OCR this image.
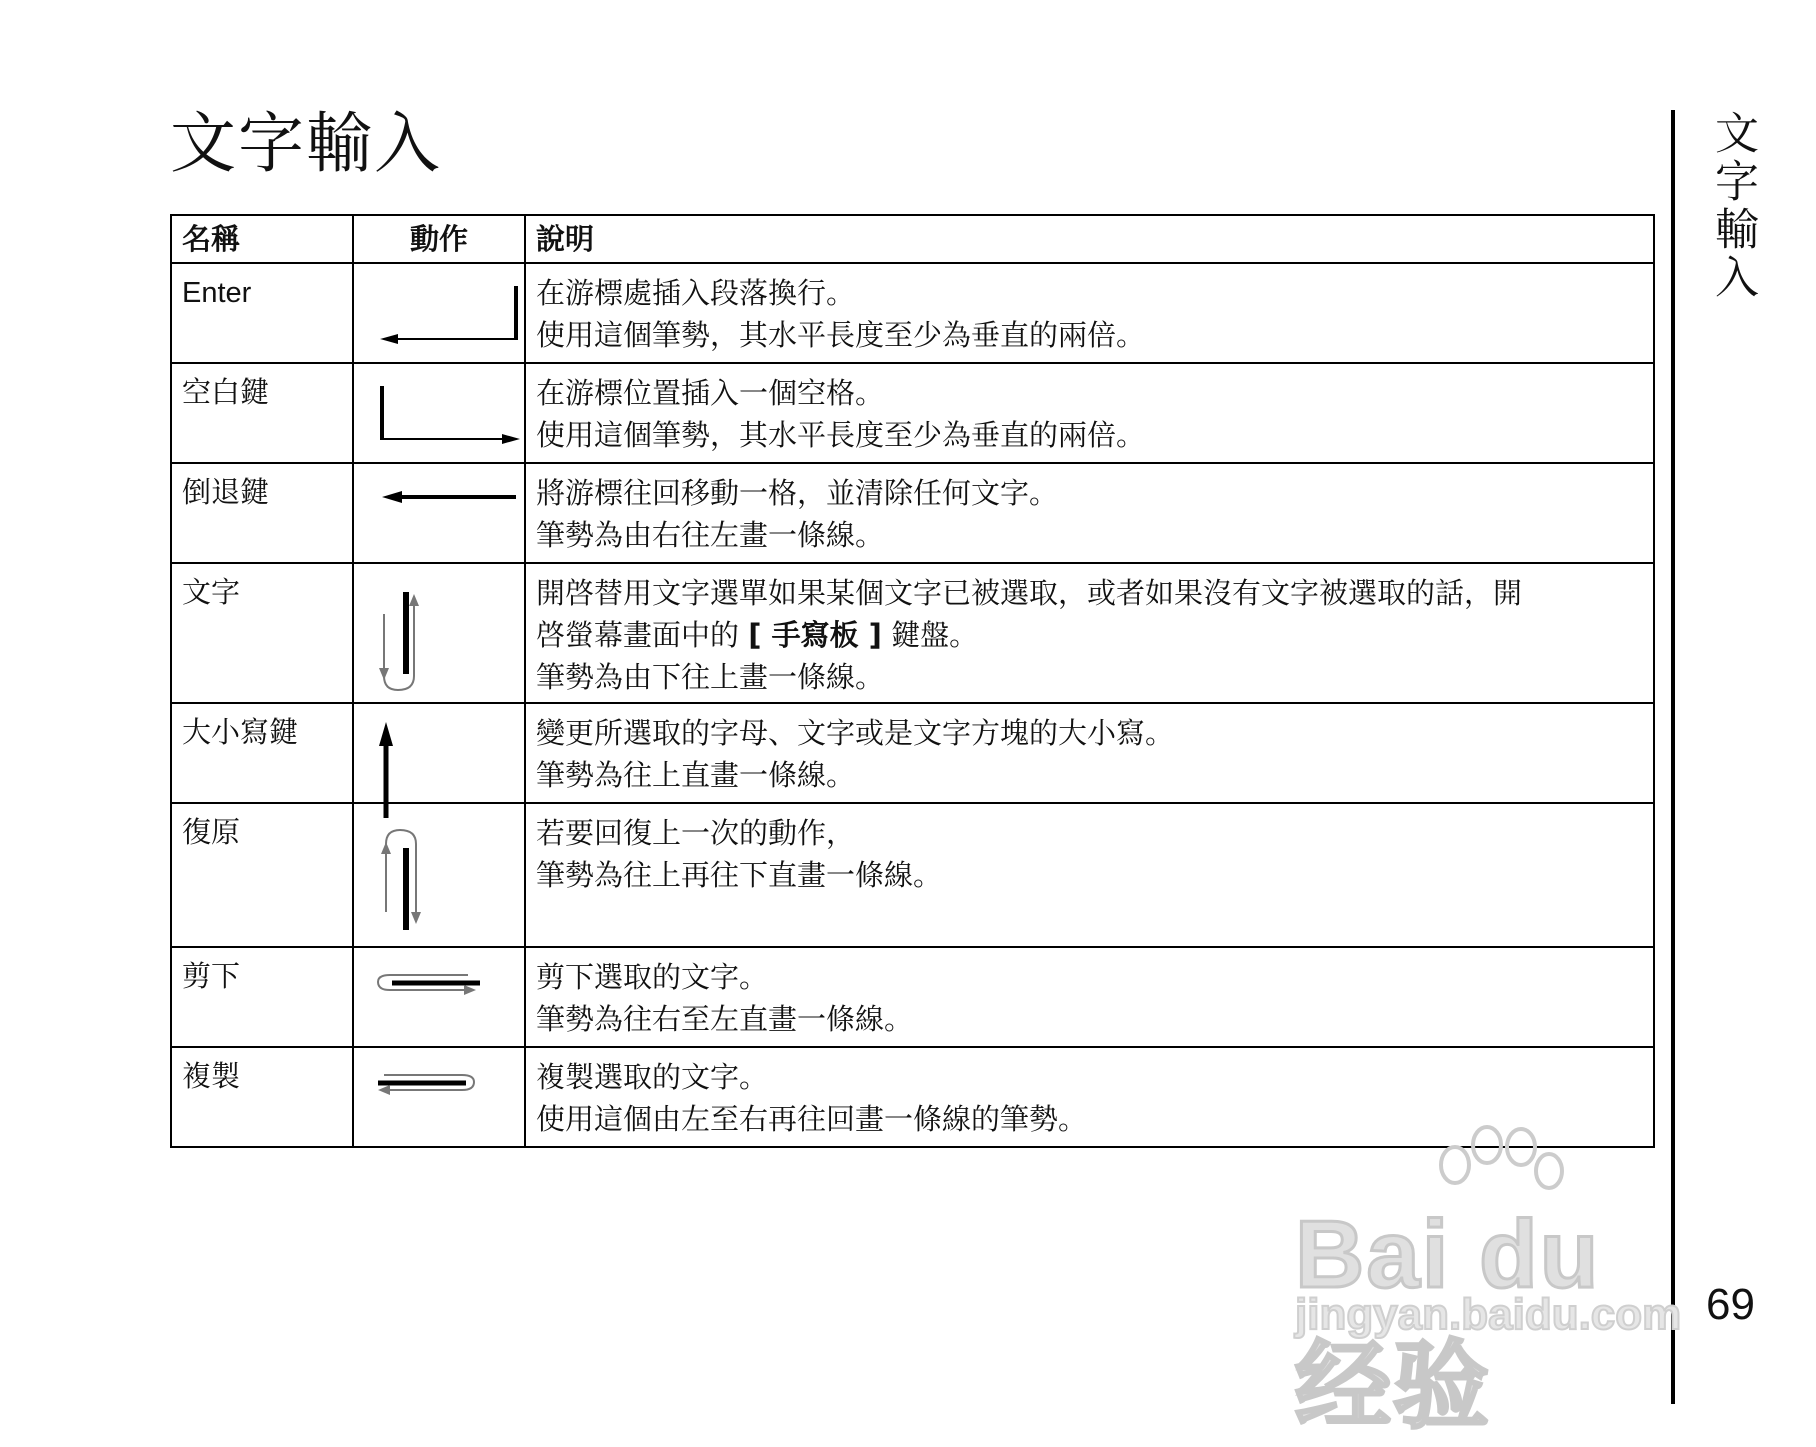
文字輸入	文字輸入
名稱	動作	說明
Enter		在游標處插入段落換行。
使用這個筆勢，其水平長度至少為垂直的兩倍。

空白鍵		在游標位置插入一個空格。
使用這個筆勢，其水平長度至少為垂直的兩倍。

倒退鍵		將游標往回移動一格，並清除任何文字。
筆勢為由右往左畫一條線。

文字		開啓替用文字選單如果某個文字已被選取，或者如果沒有文字被選取的話，開
啓螢幕畫面中的 [ 手寫板 ] 鍵盤。
筆勢為由下往上畫一條線。

大小寫鍵		變更所選取的字母、文字或是文字方塊的大小寫。
筆勢為往上直畫一條線。

復原		若要回復上一次的動作，
筆勢為往上再往下直畫一條線。

剪下		剪下選取的文字。
筆勢為往右至左直畫一條線。

複製		複製選取的文字。
使用這個由左至右再往回畫一條線的筆勢。
Bai du 经验
jingyan.baidu.com 69
